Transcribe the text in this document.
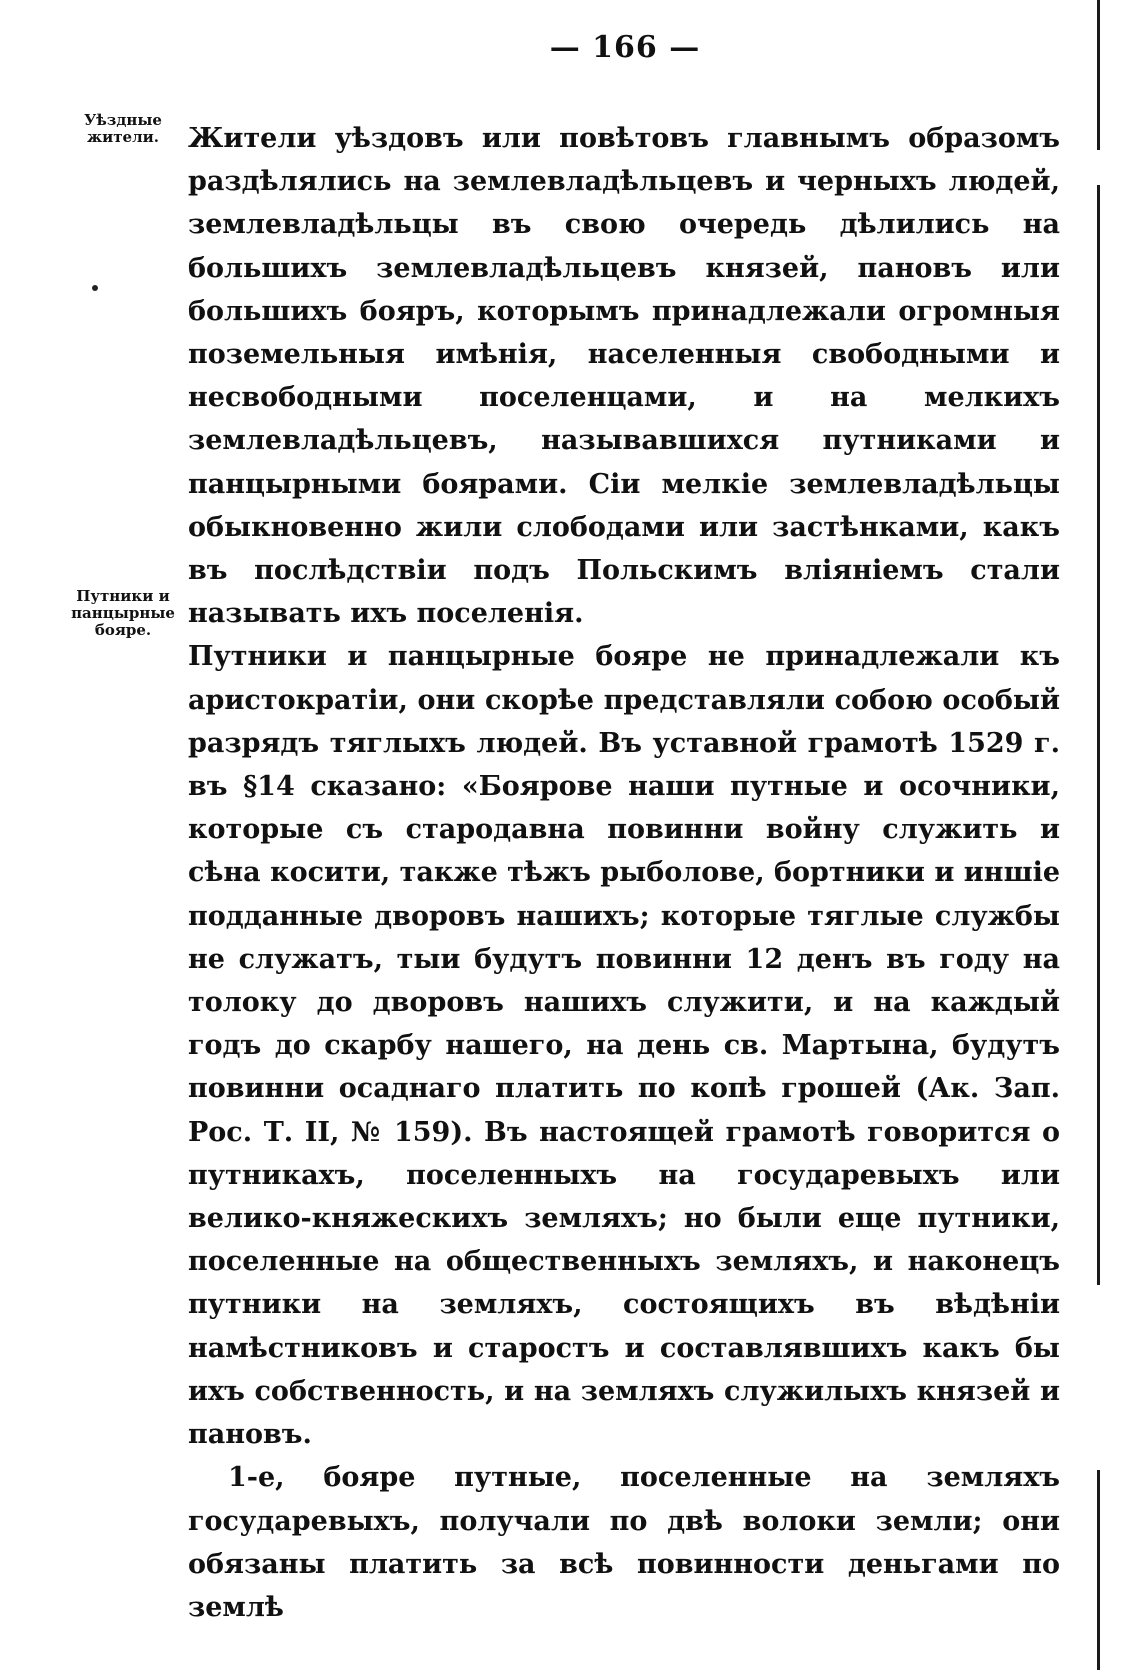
— 166 —
Уѣздные жители.
Путники и панцырные бояре.

Жители уѣздовъ или повѣтовъ главнымъ образомъ раздѣлялись на землевладѣльцевъ и черныхъ людей, землевладѣльцы въ свою очередь дѣлились на большихъ землевладѣльцевъ князей, пановъ или большихъ бояръ, которымъ принадлежали огромныя поземельныя имѣнія, населенныя свободными и несвободными поселенцами, и на мелкихъ землевладѣльцевъ, называвшихся путниками и панцырными боярами. Сіи мелкіе землевладѣльцы обыкновенно жили слободами или застѣнками, какъ въ послѣдствіи подъ Польскимъ вліяніемъ стали называть ихъ поселенія.

Путники и панцырные бояре не принадлежали къ аристократіи, они скорѣе представляли собою особый разрядъ тяглыхъ людей. Въ уставной грамотѣ 1529 г. въ §14 сказано: «Боярове наши путные и осочники, которые съ стародавна повинни войну служить и сѣна косити, также тѣжъ рыболове, бортники и иншіе подданные дворовъ нашихъ; которые тяглые службы не служатъ, тыи будутъ повинни 12 денъ въ году на толоку до дворовъ нашихъ служити, и на каждый годъ до скарбу нашего, на день св. Мартына, будутъ повинни осаднаго платить по копѣ грошей (Ак. Зап. Рос. Т. II, № 159). Въ настоящей грамотѣ говорится о путникахъ, поселенныхъ на государевыхъ или велико-княжескихъ земляхъ; но были еще путники, поселенные на общественныхъ земляхъ, и наконецъ путники на земляхъ, состоящихъ въ вѣдѣніи намѣстниковъ и старостъ и составлявшихъ какъ бы ихъ собственность, и на земляхъ служилыхъ князей и пановъ.

1-е, бояре путные, поселенные на земляхъ государевыхъ, получали по двѣ волоки земли; они обязаны платить за всѣ повинности деньгами по землѣ
